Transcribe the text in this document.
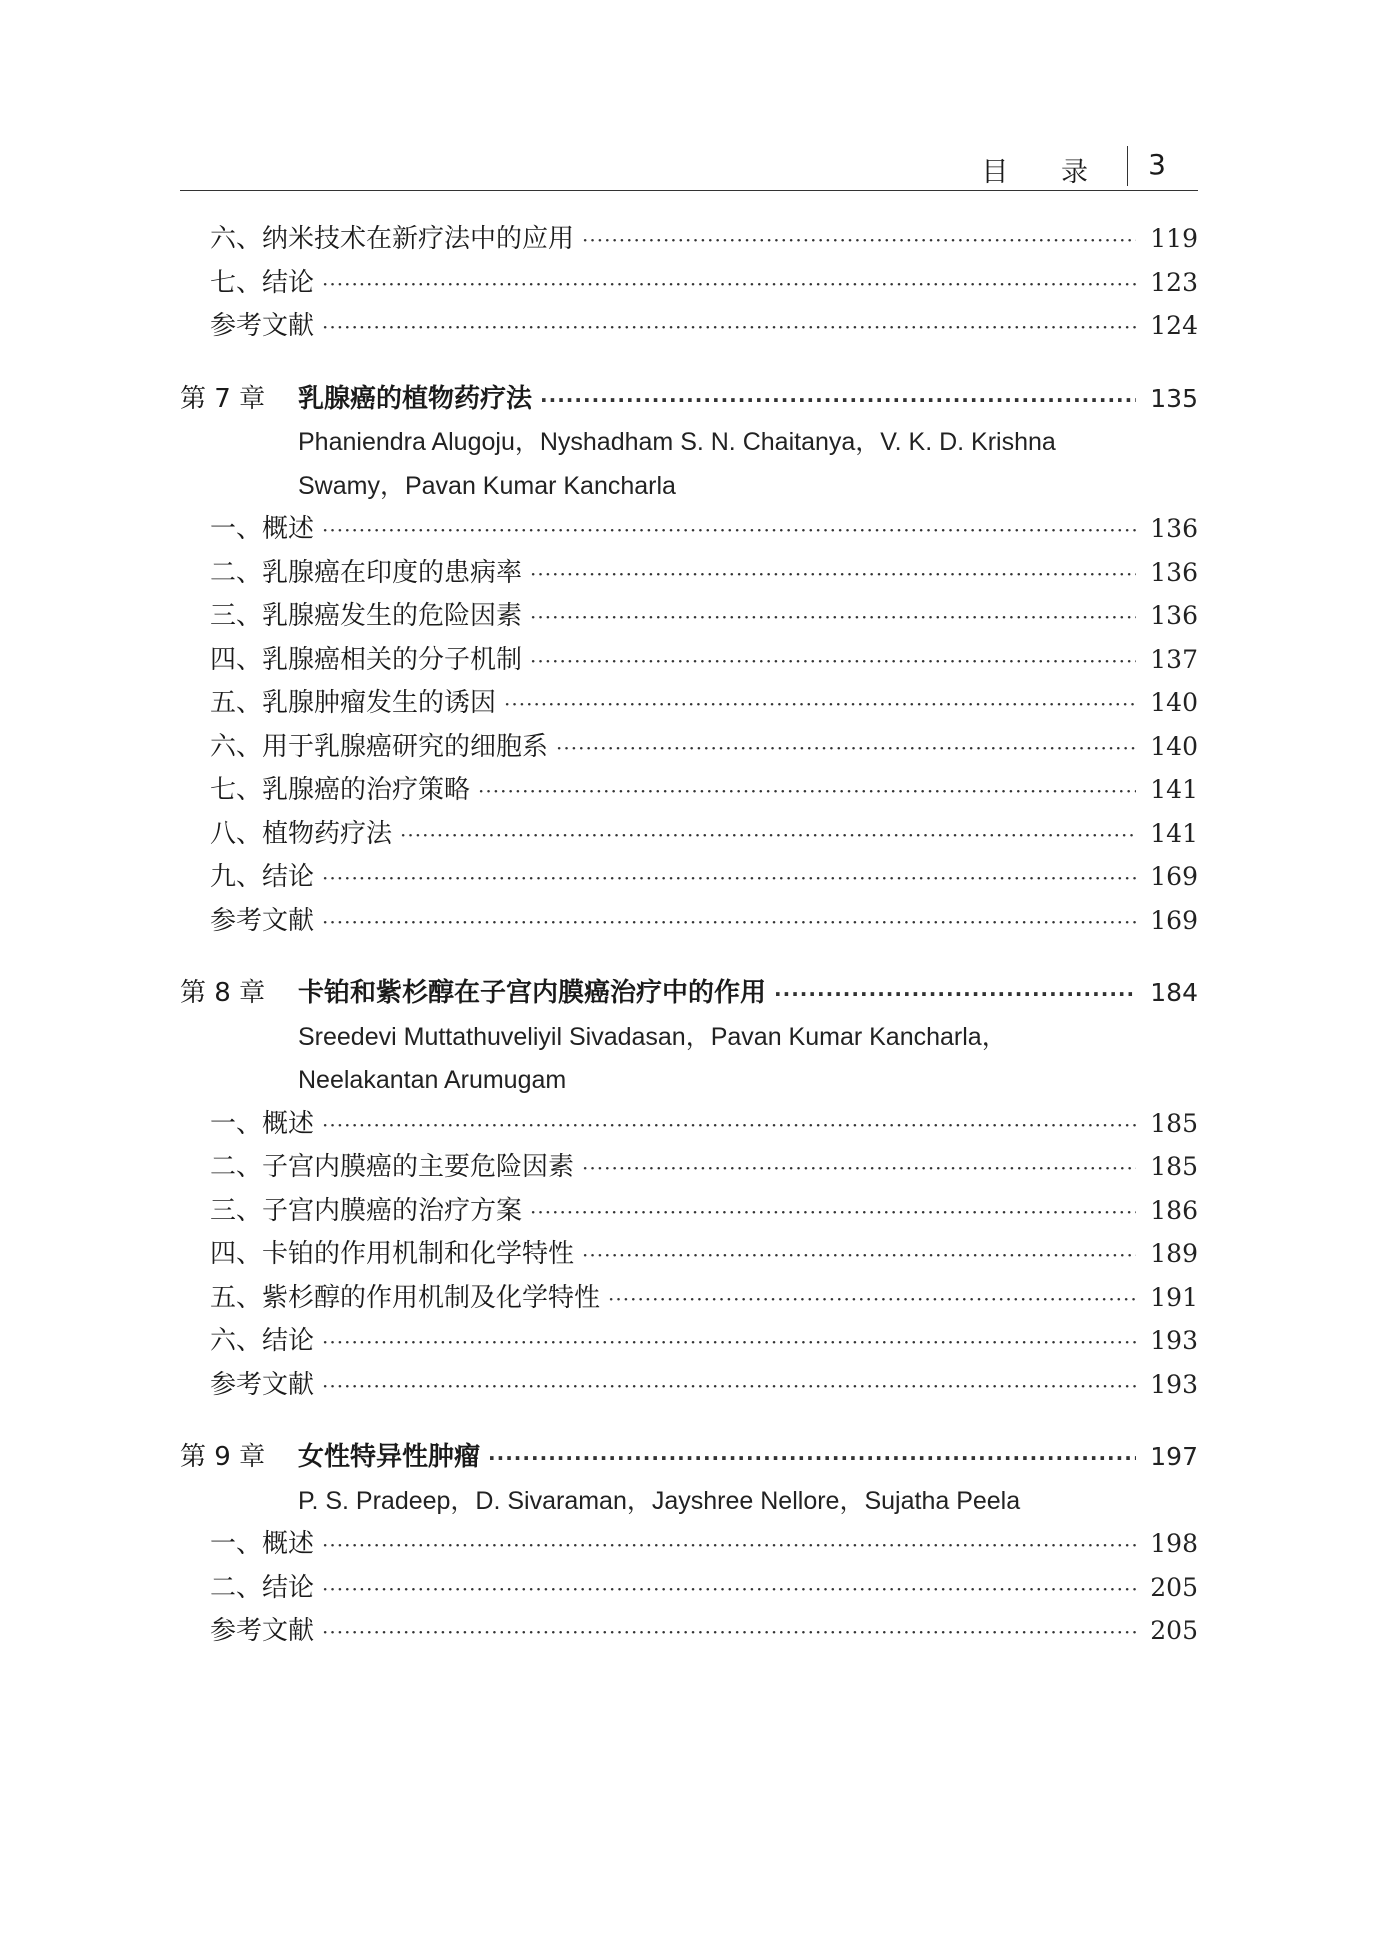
目 录 3
六、纳米技术在新疗法中的应用 ·····	119
七、结论 ·····	123
参考文献 ·····	124
第 7 章	乳腺癌的植物药疗法 ·····	135
Phaniendra Alugoju，Nyshadham S. N. Chaitanya，V. K. D. Krishna
Swamy，Pavan Kumar Kancharla
一、概述 ·····	136
二、乳腺癌在印度的患病率 ·····	136
三、乳腺癌发生的危险因素 ·····	136
四、乳腺癌相关的分子机制 ·····	137
五、乳腺肿瘤发生的诱因 ·····	140
六、用于乳腺癌研究的细胞系 ·····	140
七、乳腺癌的治疗策略 ·····	141
八、植物药疗法 ·····	141
九、结论 ·····	169
参考文献 ·····	169
第 8 章	卡铂和紫杉醇在子宫内膜癌治疗中的作用 ·····	184
Sreedevi Muttathuveliyil Sivadasan，Pavan Kumar Kancharla，
Neelakantan Arumugam
一、概述 ·····	185
二、子宫内膜癌的主要危险因素 ·····	185
三、子宫内膜癌的治疗方案 ·····	186
四、卡铂的作用机制和化学特性 ·····	189
五、紫杉醇的作用机制及化学特性 ·····	191
六、结论 ·····	193
参考文献 ·····	193
第 9 章	女性特异性肿瘤 ·····	197
P. S. Pradeep，D. Sivaraman，Jayshree Nellore，Sujatha Peela
一、概述 ·····	198
二、结论 ·····	205
参考文献 ·····	205
